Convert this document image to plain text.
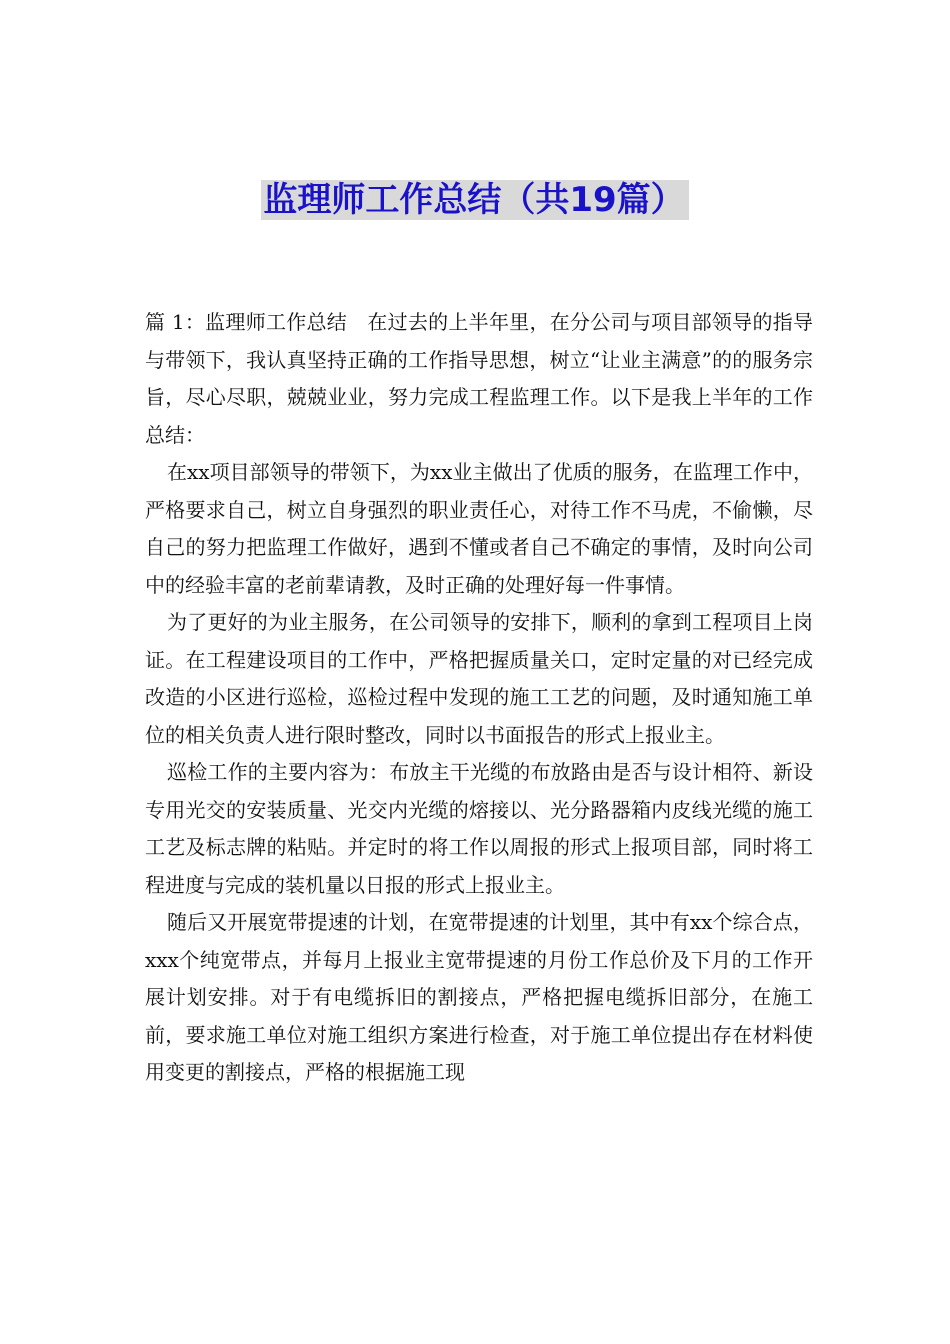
监理师工作总结（共19篇）

篇 1：监理师工作总结　在过去的上半年里，在分公司与项目部领导的指导与带领下，我认真坚持正确的工作指导思想，树立“让业主满意”的的服务宗旨，尽心尽职，兢兢业业，努力完成工程监理工作。以下是我上半年的工作总结：

在xx项目部领导的带领下，为xx业主做出了优质的服务，在监理工作中，严格要求自己，树立自身强烈的职业责任心，对待工作不马虎，不偷懒，尽自己的努力把监理工作做好，遇到不懂或者自己不确定的事情，及时向公司中的经验丰富的老前辈请教，及时正确的处理好每一件事情。

为了更好的为业主服务，在公司领导的安排下，顺利的拿到工程项目上岗证。在工程建设项目的工作中，严格把握质量关口，定时定量的对已经完成改造的小区进行巡检，巡检过程中发现的施工工艺的问题，及时通知施工单位的相关负责人进行限时整改，同时以书面报告的形式上报业主。

巡检工作的主要内容为：布放主干光缆的布放路由是否与设计相符、新设专用光交的安装质量、光交内光缆的熔接以、光分路器箱内皮线光缆的施工工艺及标志牌的粘贴。并定时的将工作以周报的形式上报项目部，同时将工程进度与完成的装机量以日报的形式上报业主。

随后又开展宽带提速的计划，在宽带提速的计划里，其中有xx个综合点，xxx个纯宽带点，并每月上报业主宽带提速的月份工作总价及下月的工作开展计划安排。对于有电缆拆旧的割接点，严格把握电缆拆旧部分，在施工前，要求施工单位对施工组织方案进行检查，对于施工单位提出存在材料使用变更的割接点，严格的根据施工现
